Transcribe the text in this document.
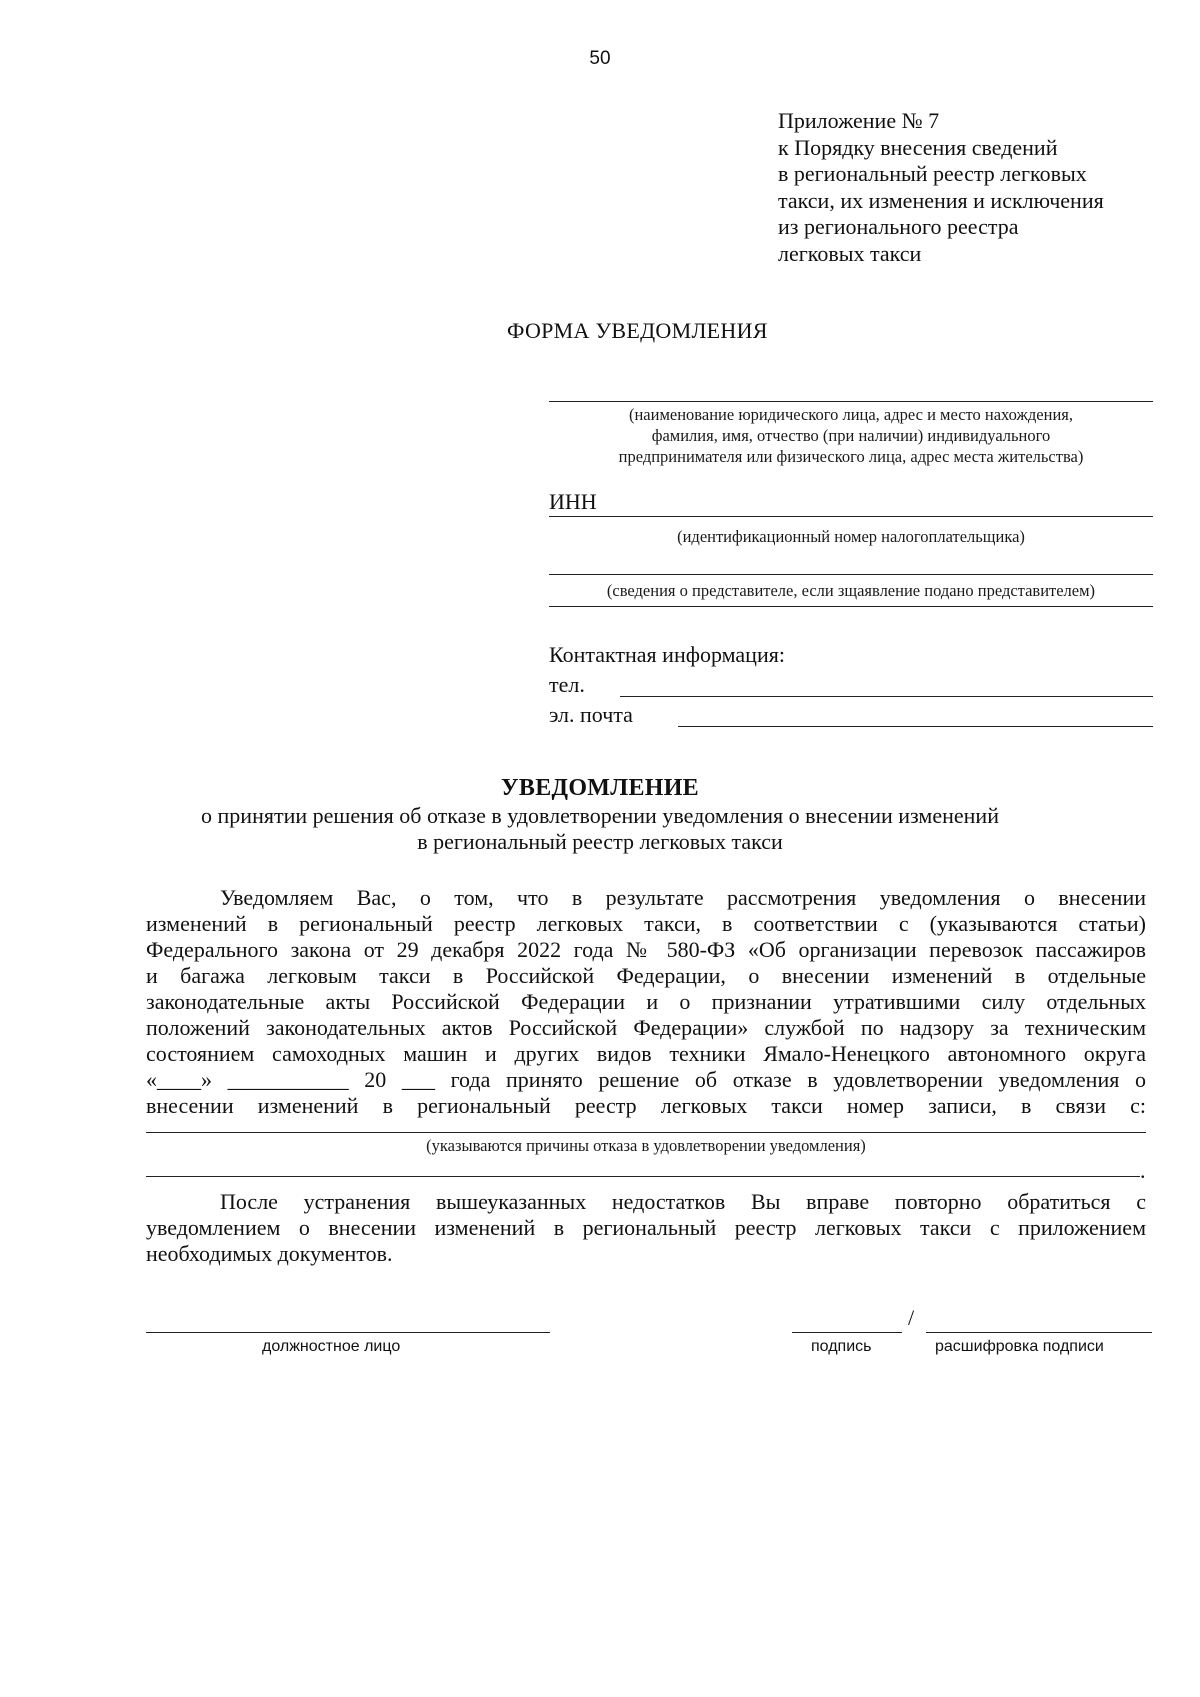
50
Приложение № 7
к Порядку внесения сведений
в региональный реестр легковых
такси, их изменения и исключения
из регионального реестра
легковых такси
ФОРМА УВЕДОМЛЕНИЯ
(наименование юридического лица, адрес и место нахождения,
фамилия, имя, отчество (при наличии) индивидуального
предпринимателя или физического лица, адрес места жительства)
ИНН
(идентификационный номер налогоплательщика)
(сведения о представителе, если зщаявление подано представителем)
Контактная информация:
тел.
эл. почта
УВЕДОМЛЕНИЕ
о принятии решения об отказе в удовлетворении уведомления о внесении изменений
в региональный реестр легковых такси
Уведомляем Вас, о том, что в результате рассмотрения уведомления о внесении
изменений в региональный реестр легковых такси, в соответствии с (указываются статьи)
Федерального закона от 29 декабря 2022 года № 580-ФЗ «Об организации перевозок пассажиров
и багажа легковым такси в Российской Федерации, о внесении изменений в отдельные
законодательные акты Российской Федерации и о признании утратившими силу отдельных
положений законодательных актов Российской Федерации» службой по надзору за техническим
состоянием самоходных машин и других видов техники Ямало-Ненецкого автономного округа
«____» ___________ 20 ___ года принято решение об отказе в удовлетворении уведомления о
внесении изменений в региональный реестр легковых такси номер записи, в связи с:
(указываются причины отказа в удовлетворении уведомления)
.
После устранения вышеуказанных недостатков Вы вправе повторно обратиться с
уведомлением о внесении изменений в региональный реестр легковых такси с приложением
необходимых документов.
должностное лицо
/
подпись	расшифровка подписи
